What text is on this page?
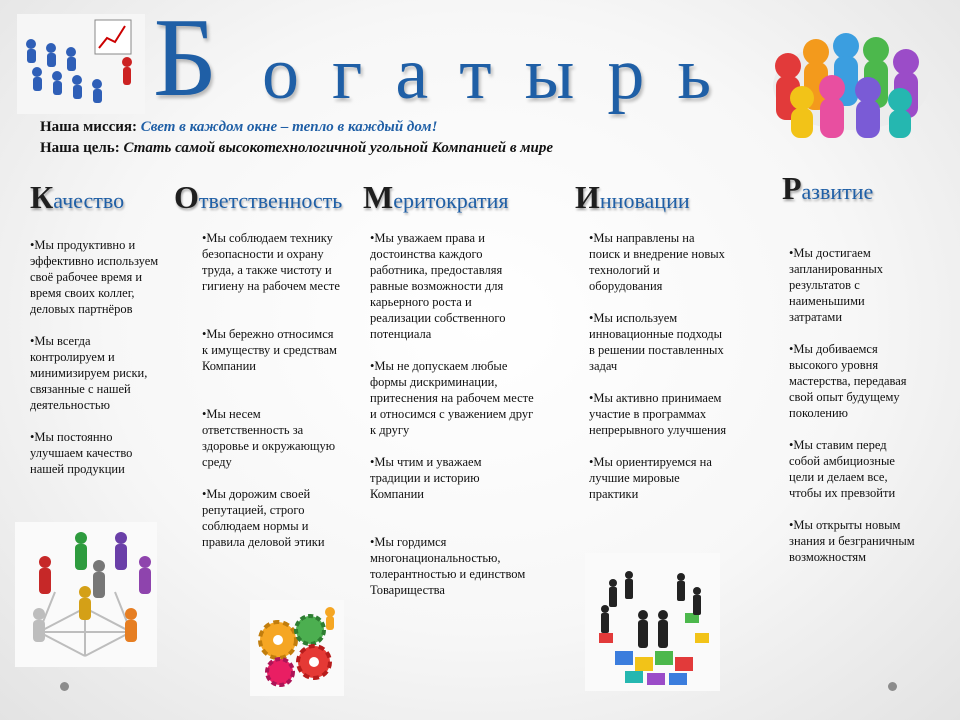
Б огатырь
Наша миссия: Свет в каждом окне – тепло в каждый дом!
Наша цель: Стать самой высокотехнологичной угольной Компанией в мире
Качество Ответственность Меритократия Инновации	Развитие

•Мы продуктивно и эффективно используем своё рабочее время и время своих коллег, деловых партнёров

•Мы всегда контролируем и минимизируем риски, связанные с нашей деятельностью

•Мы постоянно улучшаем качество нашей продукции

•Мы соблюдаем технику безопасности и охрану труда, а также чистоту и гигиену на рабочем месте

•Мы бережно относимся к имуществу и средствам Компании

•Мы несем ответственность за здоровье и окружающую среду

•Мы дорожим своей репутацией, строго соблюдаем нормы и правила деловой этики

•Мы уважаем права и достоинства каждого работника, предоставляя равные возможности для карьерного роста и реализации собственного потенциала

•Мы не допускаем любые формы дискриминации, притеснения на рабочем месте и относимся с уважением друг к другу

•Мы чтим и уважаем традиции и историю Компании

•Мы гордимся многонациональностью, толерантностью и единством Товарищества

•Мы направлены на поиск и внедрение новых технологий и оборудования

•Мы используем инновационные подходы в решении поставленных задач

•Мы активно принимаем участие в программах непрерывного улучшения

•Мы ориентируемся на лучшие мировые практики

•Мы достигаем запланированных результатов с наименьшими затратами

•Мы добиваемся высокого уровня мастерства, передавая свой опыт будущему поколению

•Мы ставим перед собой амбициозные цели и делаем все, чтобы их превзойти

•Мы открыты новым знания и безграничным возможностям
